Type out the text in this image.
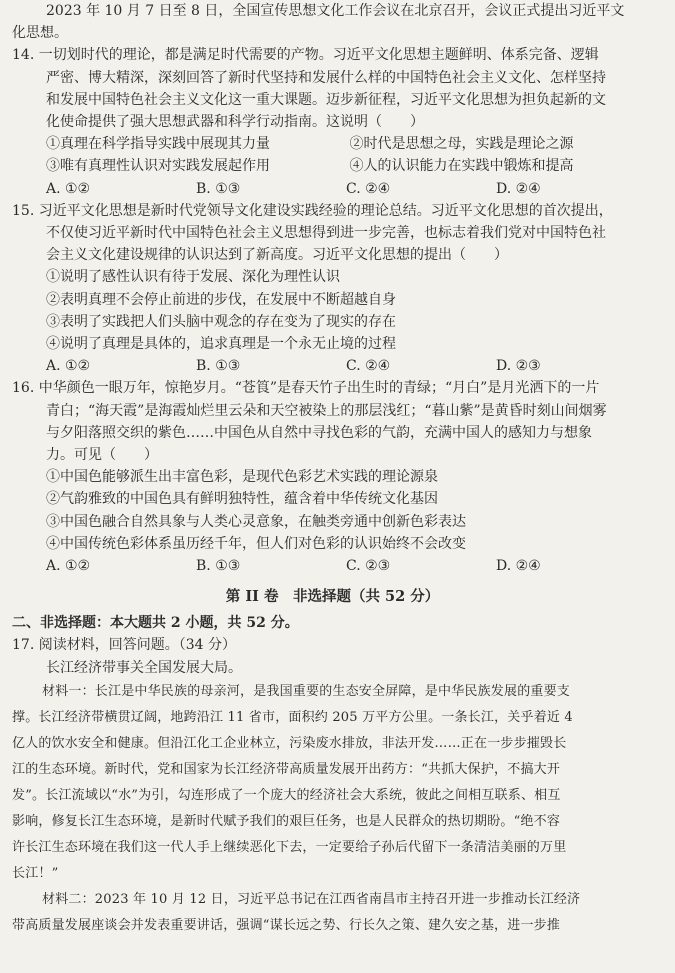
2023 年 10 月 7 日至 8 日，全国宣传思想文化工作会议在北京召开，会议正式提出习近平文
化思想。
14. 一切划时代的理论，都是满足时代需要的产物。习近平文化思想主题鲜明、体系完备、逻辑
严密、博大精深，深刻回答了新时代坚持和发展什么样的中国特色社会主义文化、怎样坚持
和发展中国特色社会主义文化这一重大课题。迈步新征程，习近平文化思想为担负起新的文
化使命提供了强大思想武器和科学行动指南。这说明（　　）
①真理在科学指导实践中展现其力量	②时代是思想之母，实践是理论之源
③唯有真理性认识对实践发展起作用	④人的认识能力在实践中锻炼和提高
A. ①②	B. ①③	C. ②④	D. ②④
15. 习近平文化思想是新时代党领导文化建设实践经验的理论总结。习近平文化思想的首次提出，
不仅使习近平新时代中国特色社会主义思想得到进一步完善，也标志着我们党对中国特色社
会主义文化建设规律的认识达到了新高度。习近平文化思想的提出（　　）
①说明了感性认识有待于发展、深化为理性认识
②表明真理不会停止前进的步伐，在发展中不断超越自身
③表明了实践把人们头脑中观念的存在变为了现实的存在
④说明了真理是具体的，追求真理是一个永无止境的过程
A. ①②	B. ①③	C. ②④	D. ②③
16. 中华颜色一眼万年，惊艳岁月。“苍筤”是春天竹子出生时的青绿；“月白”是月光洒下的一片
青白；“海天霞”是海霞灿烂里云朵和天空被染上的那层浅红；“暮山紫”是黄昏时刻山间烟雾
与夕阳落照交织的紫色……中国色从自然中寻找色彩的气韵，充满中国人的感知力与想象
力。可见（　　）
①中国色能够派生出丰富色彩，是现代色彩艺术实践的理论源泉
②气韵雅致的中国色具有鲜明独特性，蕴含着中华传统文化基因
③中国色融合自然具象与人类心灵意象，在触类旁通中创新色彩表达
④中国传统色彩体系虽历经千年，但人们对色彩的认识始终不会改变
A. ①②	B. ①③	C. ②③	D. ②④
第 II 卷　非选择题（共 52 分）
二、非选择题：本大题共 2 小题，共 52 分。
17. 阅读材料，回答问题。（34 分）
长江经济带事关全国发展大局。
材料一：长江是中华民族的母亲河，是我国重要的生态安全屏障，是中华民族发展的重要支
撑。长江经济带横贯辽阔，地跨沿江 11 省市，面积约 205 万平方公里。一条长江，关乎着近 4
亿人的饮水安全和健康。但沿江化工企业林立，污染废水排放，非法开发……正在一步步摧毁长
江的生态环境。新时代，党和国家为长江经济带高质量发展开出药方：“共抓大保护，不搞大开
发”。长江流域以“水”为引，勾连形成了一个庞大的经济社会大系统，彼此之间相互联系、相互
影响，修复长江生态环境，是新时代赋予我们的艰巨任务，也是人民群众的热切期盼。“绝不容
许长江生态环境在我们这一代人手上继续恶化下去，一定要给子孙后代留下一条清洁美丽的万里
长江！”
材料二：2023 年 10 月 12 日，习近平总书记在江西省南昌市主持召开进一步推动长江经济
带高质量发展座谈会并发表重要讲话，强调“谋长远之势、行长久之策、建久安之基，进一步推
